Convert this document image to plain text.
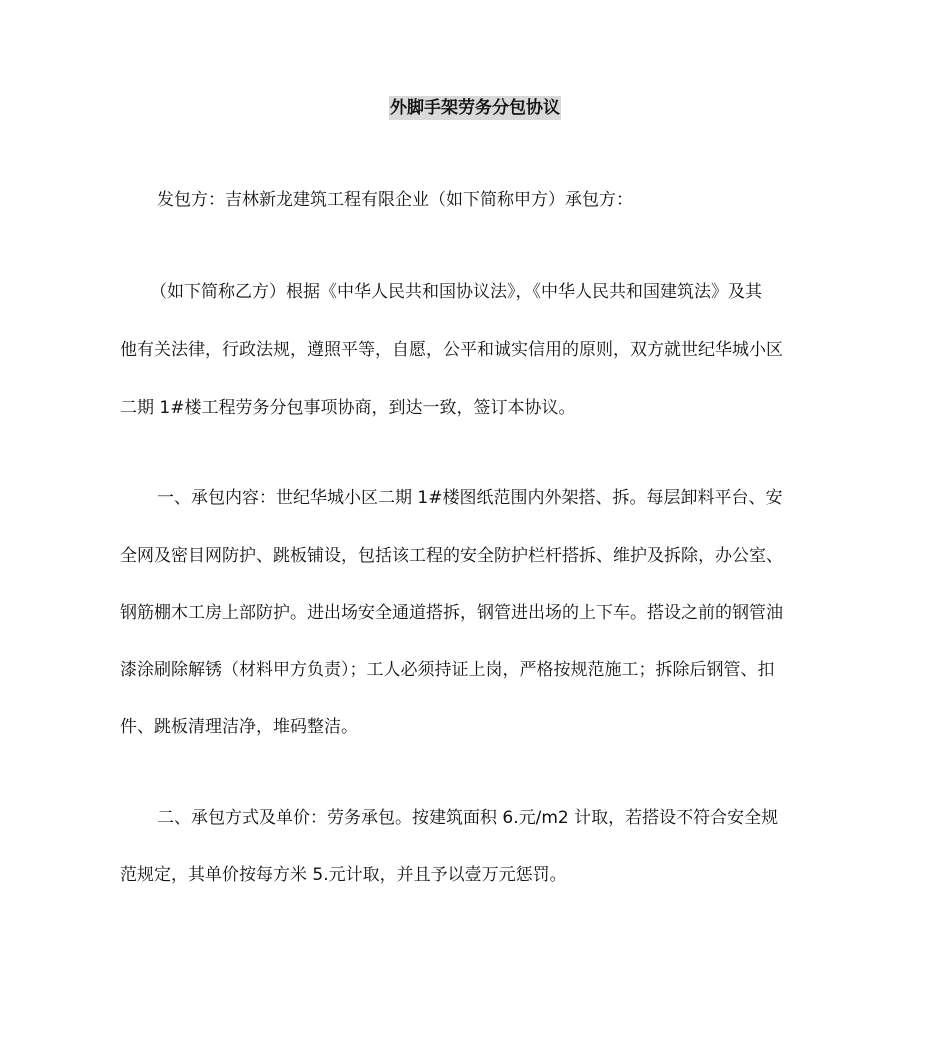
外脚手架劳务分包协议
发包方：吉林新龙建筑工程有限企业（如下简称甲方）承包方：
（如下简称乙方）根据《中华人民共和国协议法》，《中华人民共和国建筑法》及其
他有关法律，行政法规，遵照平等，自愿，公平和诚实信用的原则，双方就世纪华城小区
二期 1#楼工程劳务分包事项协商，到达一致，签订本协议。
一、承包内容：世纪华城小区二期 1#楼图纸范围内外架搭、拆。每层卸料平台、安
全网及密目网防护、跳板铺设，包括该工程的安全防护栏杆搭拆、维护及拆除，办公室、
钢筋棚木工房上部防护。进出场安全通道搭拆，钢管进出场的上下车。搭设之前的钢管油
漆涂刷除解锈（材料甲方负责）；工人必须持证上岗，严格按规范施工；拆除后钢管、扣
件、跳板清理洁净，堆码整洁。
二、承包方式及单价：劳务承包。按建筑面积 6.元/m2 计取，若搭设不符合安全规
范规定，其单价按每方米 5.元计取，并且予以壹万元惩罚。
